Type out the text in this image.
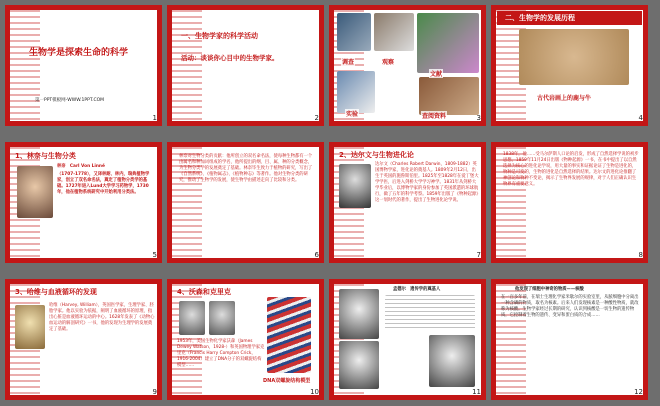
生物学是探索生命的科学
第一PPT模板网-WWW.1PPT.COM
1
一、生物学家的科学活动
活动：谈谈你心目中的生物学家。
2
调查	观察
文献
实验	查阅资料	3
二、生物学的发展历程
古代岩画上的鹿与牛
4
1、林奈与生物分类
林奈　Carl Von Linné
（1707-1778），又译林耐、林内，瑞典植物学家，创立了双名命名法，奠定了植物分类学的基础。1727年进入Lund大学学习药物学，1730年，他在植物系统研究中开始利用分类法。
5
林奈对生物分类的贡献：他所创立的双名命名法，使每种生物都有一个由属名和种加词组成的学名，他所提出的纲、目、属、种的分类概念，为生物分类学的发展奠定了基础。林奈毕生致力于植物的研究，写出了《自然系统》、《植物属志》、《植物种志》等著作。他对生物分类的研究，推动了生物学的发展，使生物学由描述走向了比较和分类。
6
2、达尔文与生物进化论
达尔文（Charles Robert Darwin，1809-1882）英国博物学家，进化论的奠基人。1809年2月12日，出生于英国的施鲁斯伯里。1825年至1828年在爱丁堡大学学医，后进入剑桥大学学习神学。1831年从剑桥大学毕业后，以博物学家的身份参加了英国派遣的环球航行，做了五年的科学考察。1859年出版了《物种起源》这一划时代的著作，提出了生物进化论学说。
7
1838年，他……受马尔萨斯人口论的启发，形成了自然选择学说的初步思想。1859年11月24日出版《物种起源》一书，在书中提出了以自然选择为核心的进化论学说，用大量的事实和证据论证了生物是进化的，物种是可变的，生物的进化是自然选择的结果。达尔文的进化论推翻了神创论和物种不变论，揭示了生物界发展的规律，对于人们正确认识生物界有重要意义。
8
3、哈维与血液循环的发现
哈维（Harvey, William），英国医学家，生理学家、胚胎学家。他以实验为依据，阐明了血液循环的原理，指出心脏是血液循环运动的中心。1628年发表了《动物心血运动的解剖研究》一书，他的发现为生理学的发展奠定了基础。
9
4、沃森和克里克
1953年，美国生物化学家沃森（James Dewey Watson，1928-）和英国物理学家克里克（Francis Harry Compton Crick，1916-2004）建立了DNA分子的双螺旋结构模型……
DNA双螺旋结构模型
10
孟德尔　遗传学的奠基人
11
他发现了细胞中神奇的物质——核酸
在一百多年前，在瑞士生理化学家米歇尔的实验室里，从脓细胞中分离出一种含磷的物质，取名为核素。后来人们发现核素是一种酸性物质，就改称为核酸。生物学家经过长期的研究，认识到核酸是一切生物的遗传物质，它控制着生物的遗传、变异和蛋白质的合成……
12
